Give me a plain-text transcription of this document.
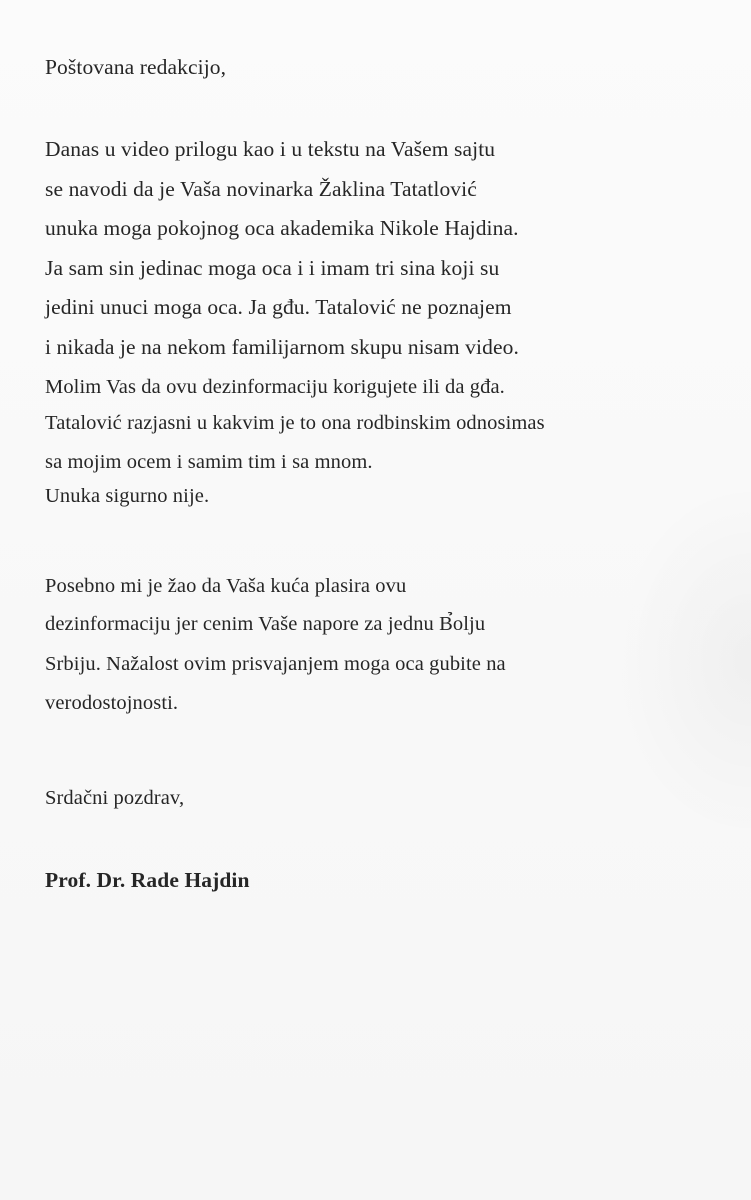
Poštovana redakcijo,
Danas u video prilogu kao i u tekstu na Vašem sajtu
se navodi da je Vaša novinarka Žaklina Tatatlović
unuka moga pokojnog oca akademika Nikole Hajdina.
Ja sam sin jedinac moga oca i i imam tri sina koji su
jedini unuci moga oca. Ja gđu. Tatalović ne poznajem
i nikada je na nekom familijarnom skupu nisam video.
Molim Vas da ovu dezinformaciju korigujete ili da gđa.
Tatalović razjasni u kakvim je to ona rodbinskim odnosimas
sa mojim ocem i samim tim i sa mnom.
Unuka sigurno nije.
Posebno mi je žao da Vaša kuća plasira ovu
dezinformaciju jer cenim Vaše napore za jednu B̉olju
Srbiju. Nažalost ovim prisvajanjem moga oca gubite na
verodostojnosti.
Srdačni pozdrav,
Prof. Dr. Rade Hajdin
